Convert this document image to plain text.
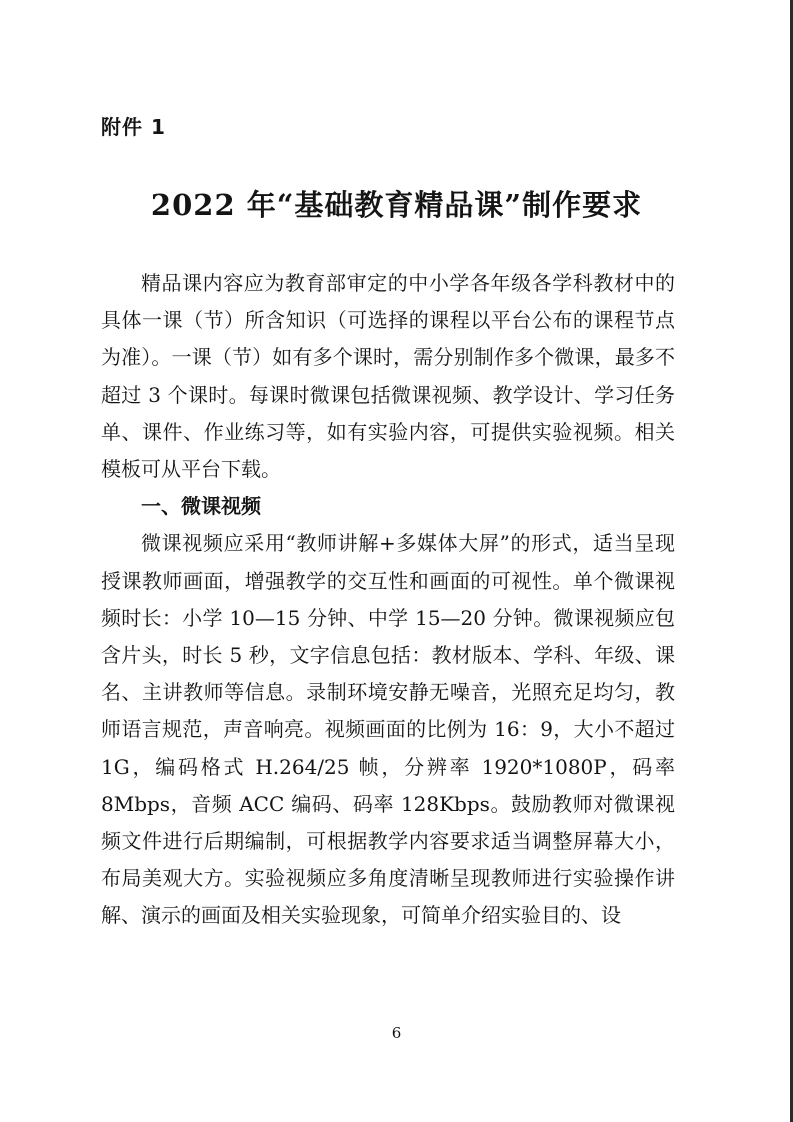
附件 1
2022 年“基础教育精品课”制作要求

精品课内容应为教育部审定的中小学各年级各学科教材中的具体一课（节）所含知识（可选择的课程以平台公布的课程节点为准）。一课（节）如有多个课时，需分别制作多个微课，最多不超过 3 个课时。每课时微课包括微课视频、教学设计、学习任务单、课件、作业练习等，如有实验内容，可提供实验视频。相关模板可从平台下载。

一、微课视频

微课视频应采用“教师讲解+多媒体大屏”的形式，适当呈现授课教师画面，增强教学的交互性和画面的可视性。单个微课视频时长：小学 10—15 分钟、中学 15—20 分钟。微课视频应包含片头，时长 5 秒，文字信息包括：教材版本、学科、年级、课名、主讲教师等信息。录制环境安静无噪音，光照充足均匀，教师语言规范，声音响亮。视频画面的比例为 16：9，大小不超过 1G，编码格式 H.264/25 帧，分辨率 1920*1080P，码率 8Mbps，音频 ACC 编码、码率 128Kbps。鼓励教师对微课视频文件进行后期编制，可根据教学内容要求适当调整屏幕大小，布局美观大方。实验视频应多角度清晰呈现教师进行实验操作讲解、演示的画面及相关实验现象，可简单介绍实验目的、设

6
